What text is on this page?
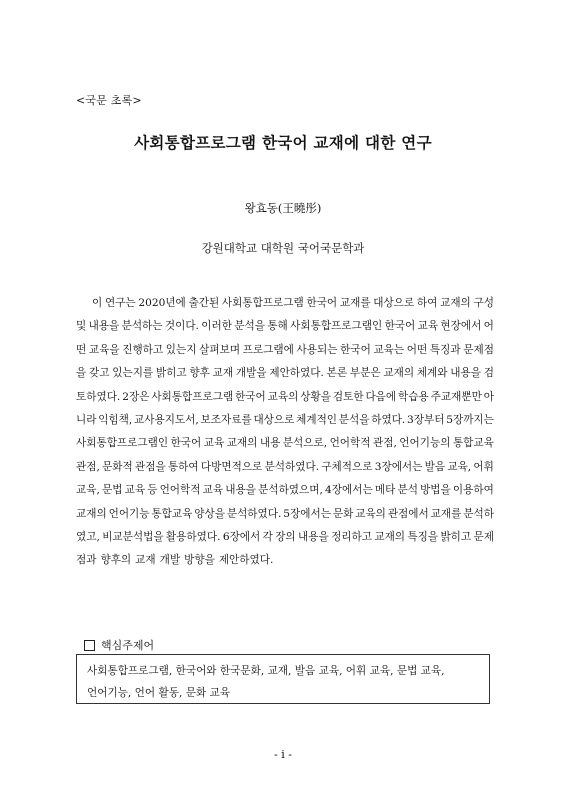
<국문 초록>
사회통합프로그램 한국어 교재에 대한 연구
왕효동(王曉彤)
강원대학교 대학원 국어국문학과
이 연구는 2020년에 출간된 사회통합프로그램 한국어 교재를 대상으로 하여 교재의 구성
및 내용을 분석하는 것이다. 이러한 분석을 통해 사회통합프로그램인 한국어 교육 현장에서 어
떤 교육을 진행하고 있는지 살펴보며 프로그램에 사용되는 한국어 교육는 어떤 특징과 문제점
을 갖고 있는지를 밝히고 향후 교재 개발을 제안하였다. 본론 부분은 교재의 체계와 내용을 검
토하였다. 2장은 사회통합프로그램 한국어 교육의 상황을 검토한 다음에 학습용 주교재뿐만 아
니라 익힘책, 교사용지도서, 보조자료를 대상으로 체계적인 분석을 하였다. 3장부터 5장까지는
사회통합프로그램인 한국어 교육 교재의 내용 분석으로, 언어학적 관점, 언어기능의 통합교육
관점, 문화적 관점을 통하여 다방면적으로 분석하였다. 구체적으로 3장에서는 발음 교육, 어휘
교육, 문법 교육 등 언어학적 교육 내용을 분석하였으며, 4장에서는 메타 분석 방법을 이용하여
교재의 언어기능 통합교육 양상을 분석하였다. 5장에서는 문화 교육의 관점에서 교재를 분석하
였고, 비교분석법을 활용하였다. 6장에서 각 장의 내용을 정리하고 교재의 특징을 밝히고 문제
점과 향후의 교재 개발 방향을 제안하였다.
핵심주제어
사회통합프로그램, 한국어와 한국문화, 교재, 발음 교육, 어휘 교육, 문법 교육,
언어기능, 언어 활동, 문화 교육
- i -
